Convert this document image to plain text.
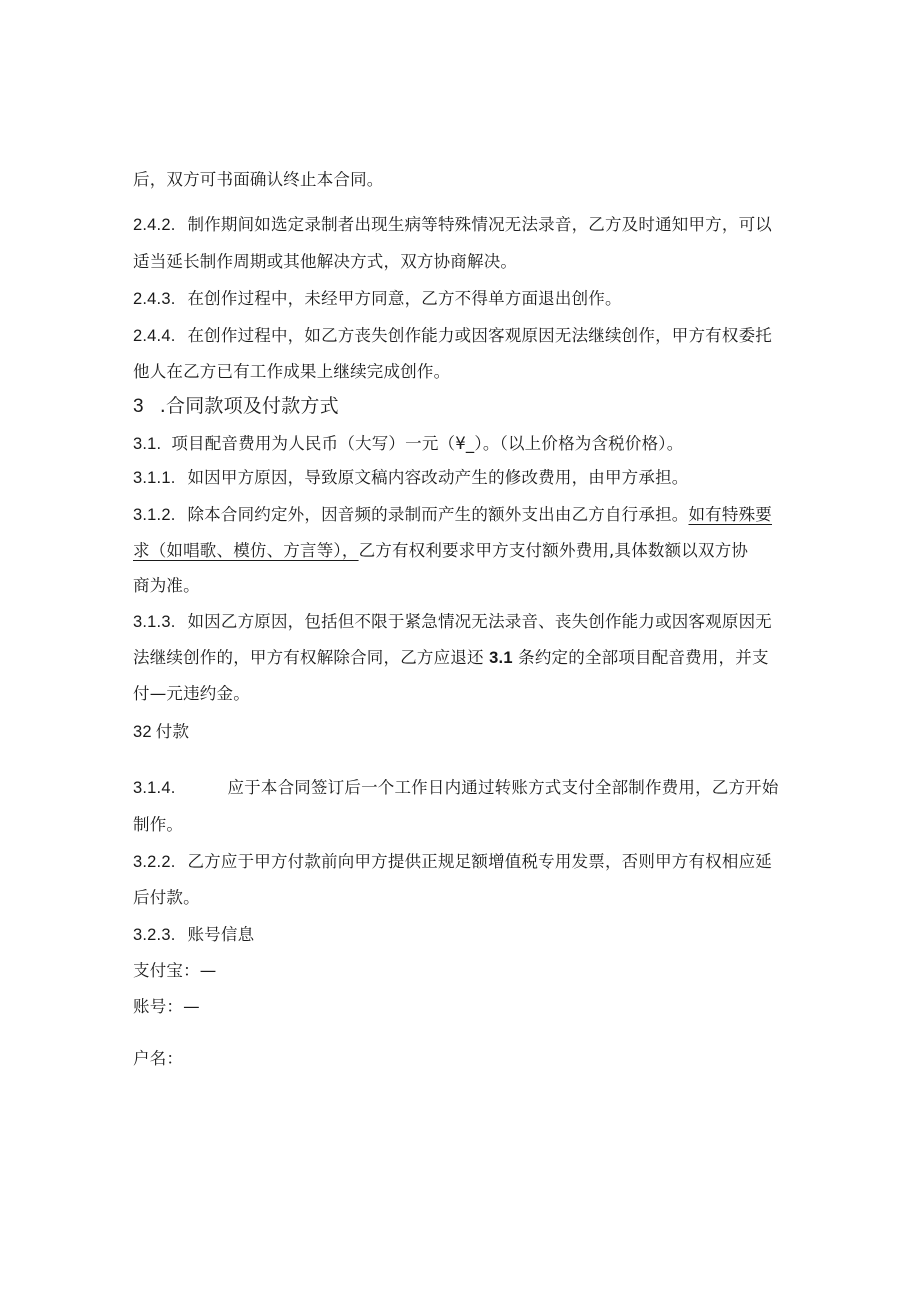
后，双方可书面确认终止本合同。
2.4.2. 制作期间如选定录制者出现生病等特殊情况无法录音，乙方及时通知甲方，可以
适当延长制作周期或其他解决方式，双方协商解决。
2.4.3. 在创作过程中，未经甲方同意，乙方不得单方面退出创作。
2.4.4. 在创作过程中，如乙方丧失创作能力或因客观原因无法继续创作，甲方有权委托
他人在乙方已有工作成果上继续完成创作。
3 .合同款项及付款方式
3.1. 项目配音费用为人民币（大写）一元（¥_）。（以上价格为含税价格）。
3.1.1. 如因甲方原因，导致原文稿内容改动产生的修改费用，由甲方承担。
3.1.2. 除本合同约定外，因音频的录制而产生的额外支出由乙方自行承担。如有特殊要
求（如唱歌、模仿、方言等），乙方有权利要求甲方支付额外费用,具体数额以双方协
商为准。
3.1.3. 如因乙方原因，包括但不限于紧急情况无法录音、丧失创作能力或因客观原因无
法继续创作的，甲方有权解除合同，乙方应退还 3.1 条约定的全部项目配音费用，并支
付—元违约金。
32 付款
3.1.4.	应于本合同签订后一个工作日内通过转账方式支付全部制作费用，乙方开始
制作。
3.2.2. 乙方应于甲方付款前向甲方提供正规足额增值税专用发票，否则甲方有权相应延
后付款。
3.2.3. 账号信息
支付宝：—
账号：—
户名：
